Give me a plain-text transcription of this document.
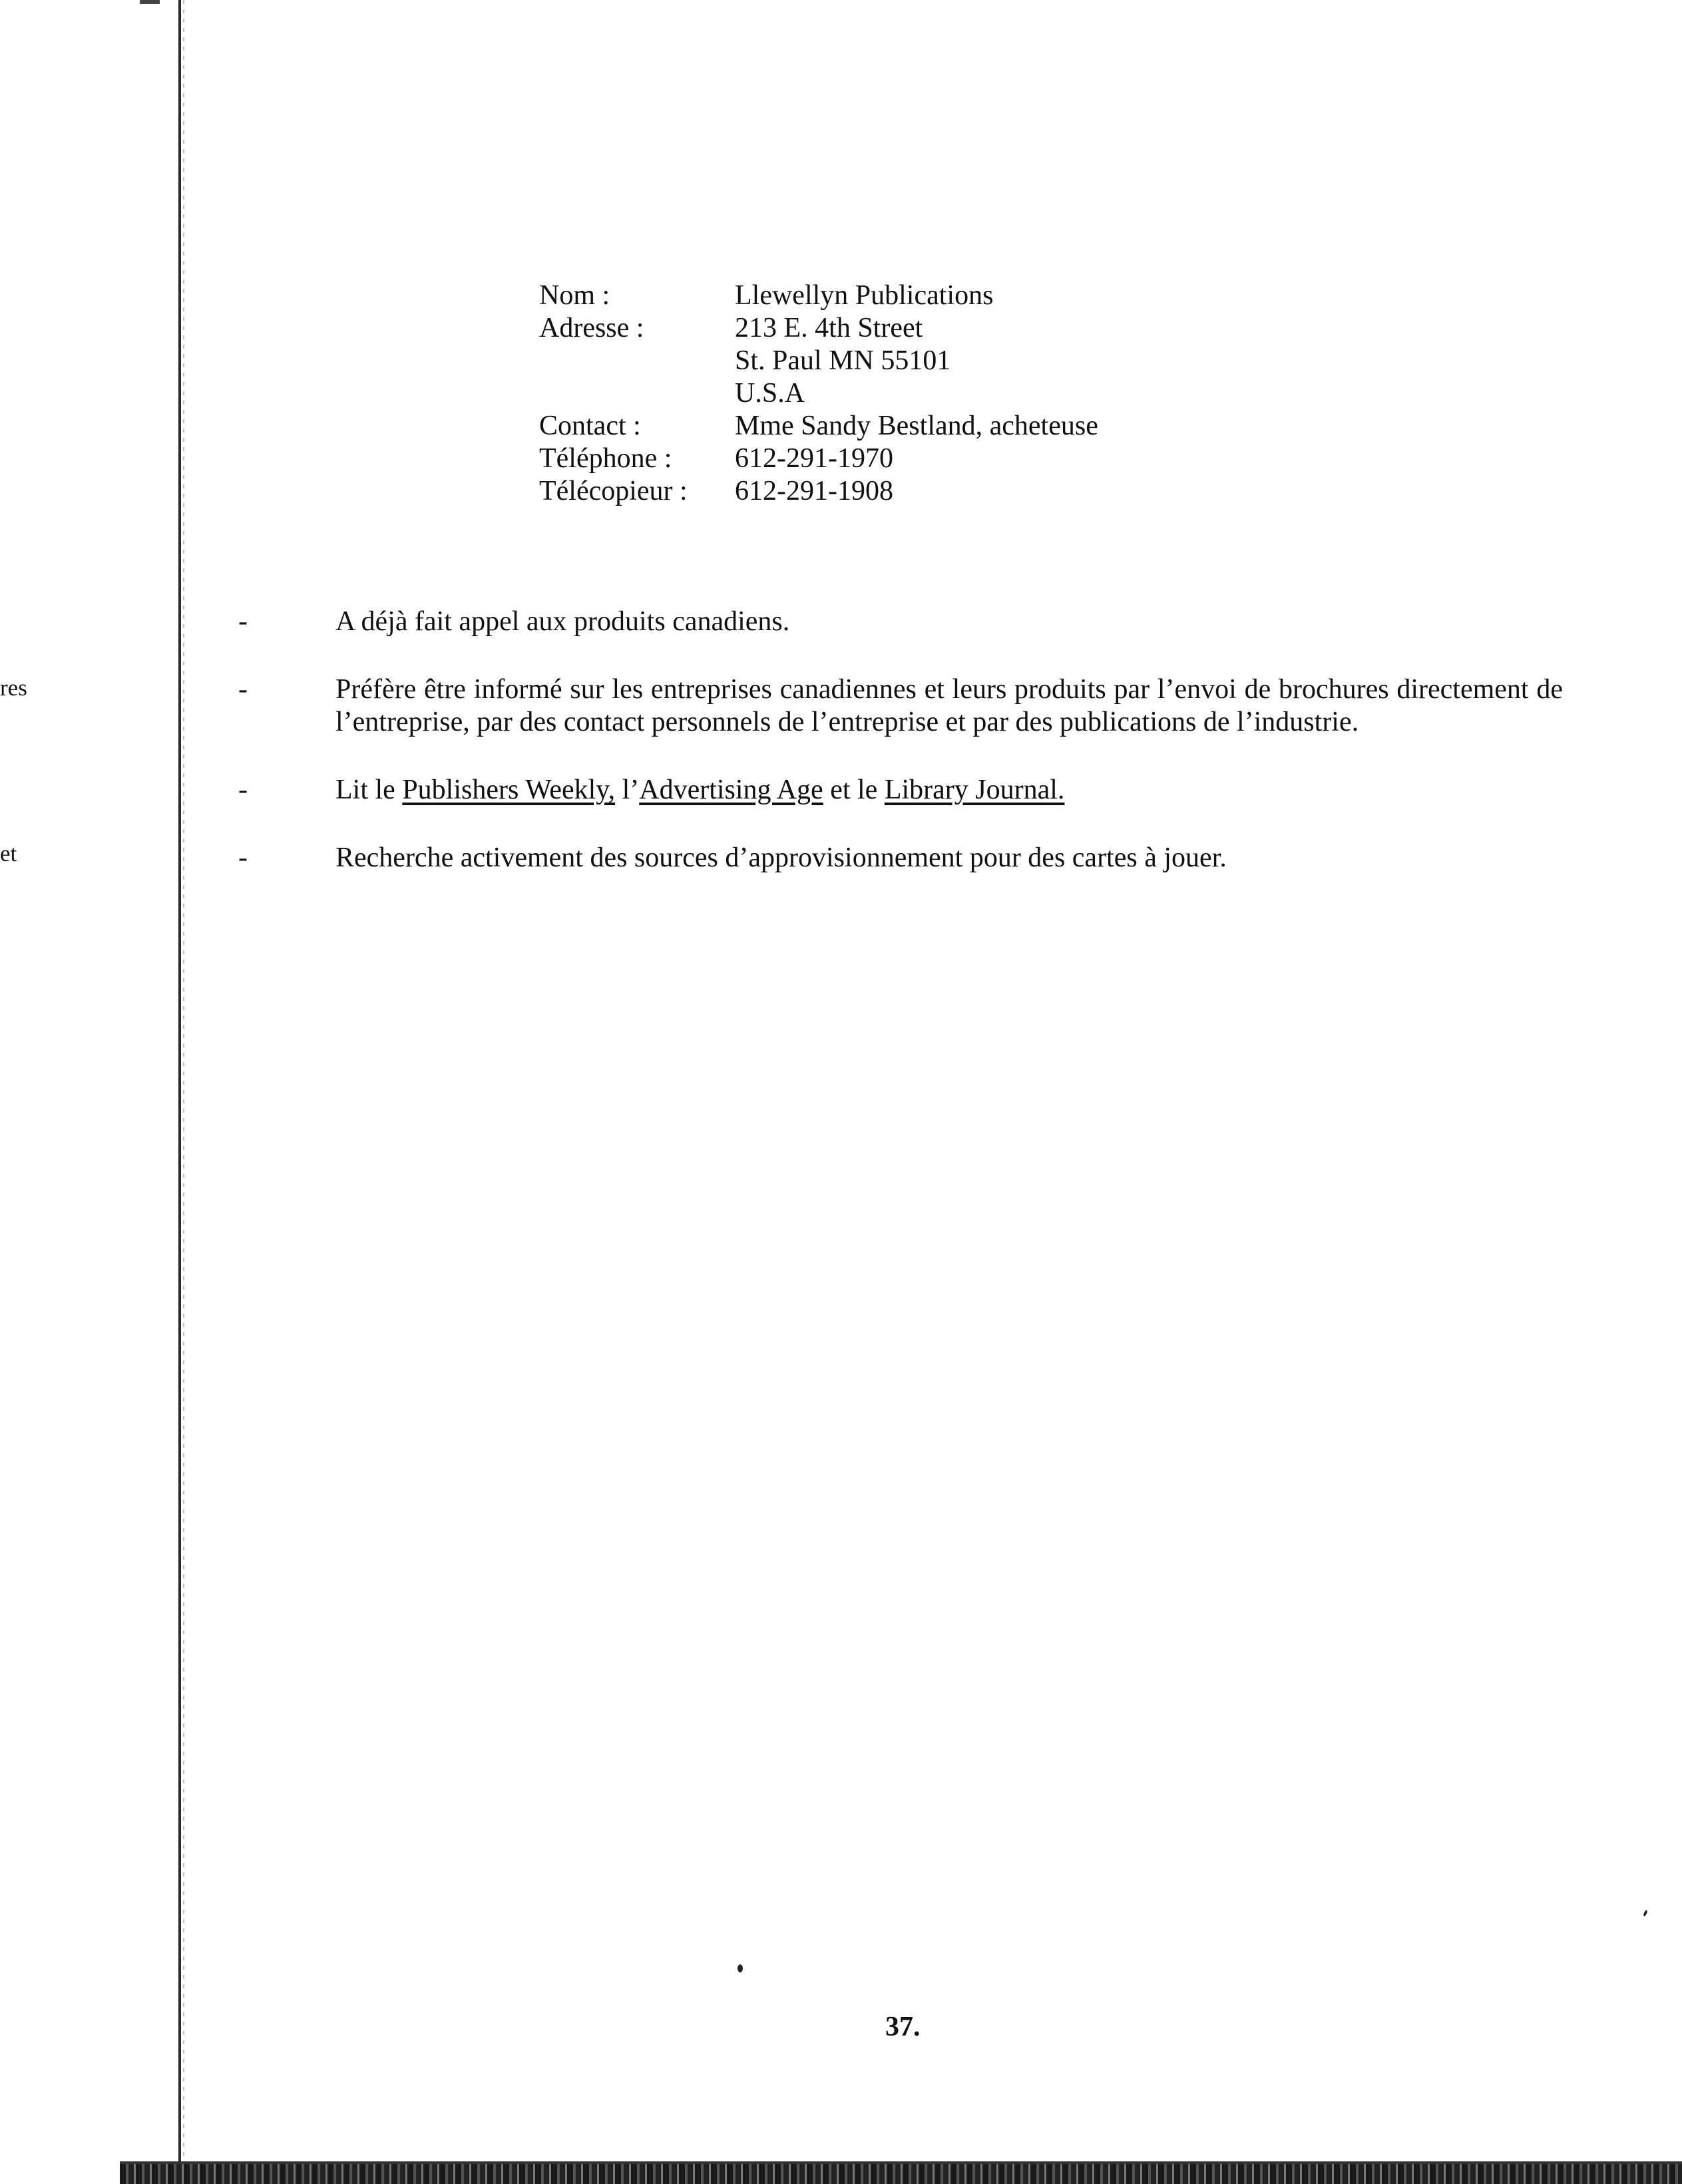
res
et
Nom :	Llewellyn Publications
Adresse :	213 E. 4th Street
St. Paul MN 55101
U.S.A
Contact :	Mme Sandy Bestland, acheteuse
Téléphone :	612-291-1970
Télécopieur :	612-291-1908
-	A déjà fait appel aux produits canadiens.
-	Préfère être informé sur les entreprises canadiennes et leurs produits par l’envoi de brochures directement de l’entreprise, par des contact personnels de l’entreprise et par des publications de l’industrie.
-	Lit le Publishers Weekly, l’Advertising Age et le Library Journal.
-	Recherche activement des sources d’approvisionnement pour des cartes à jouer.
37.
